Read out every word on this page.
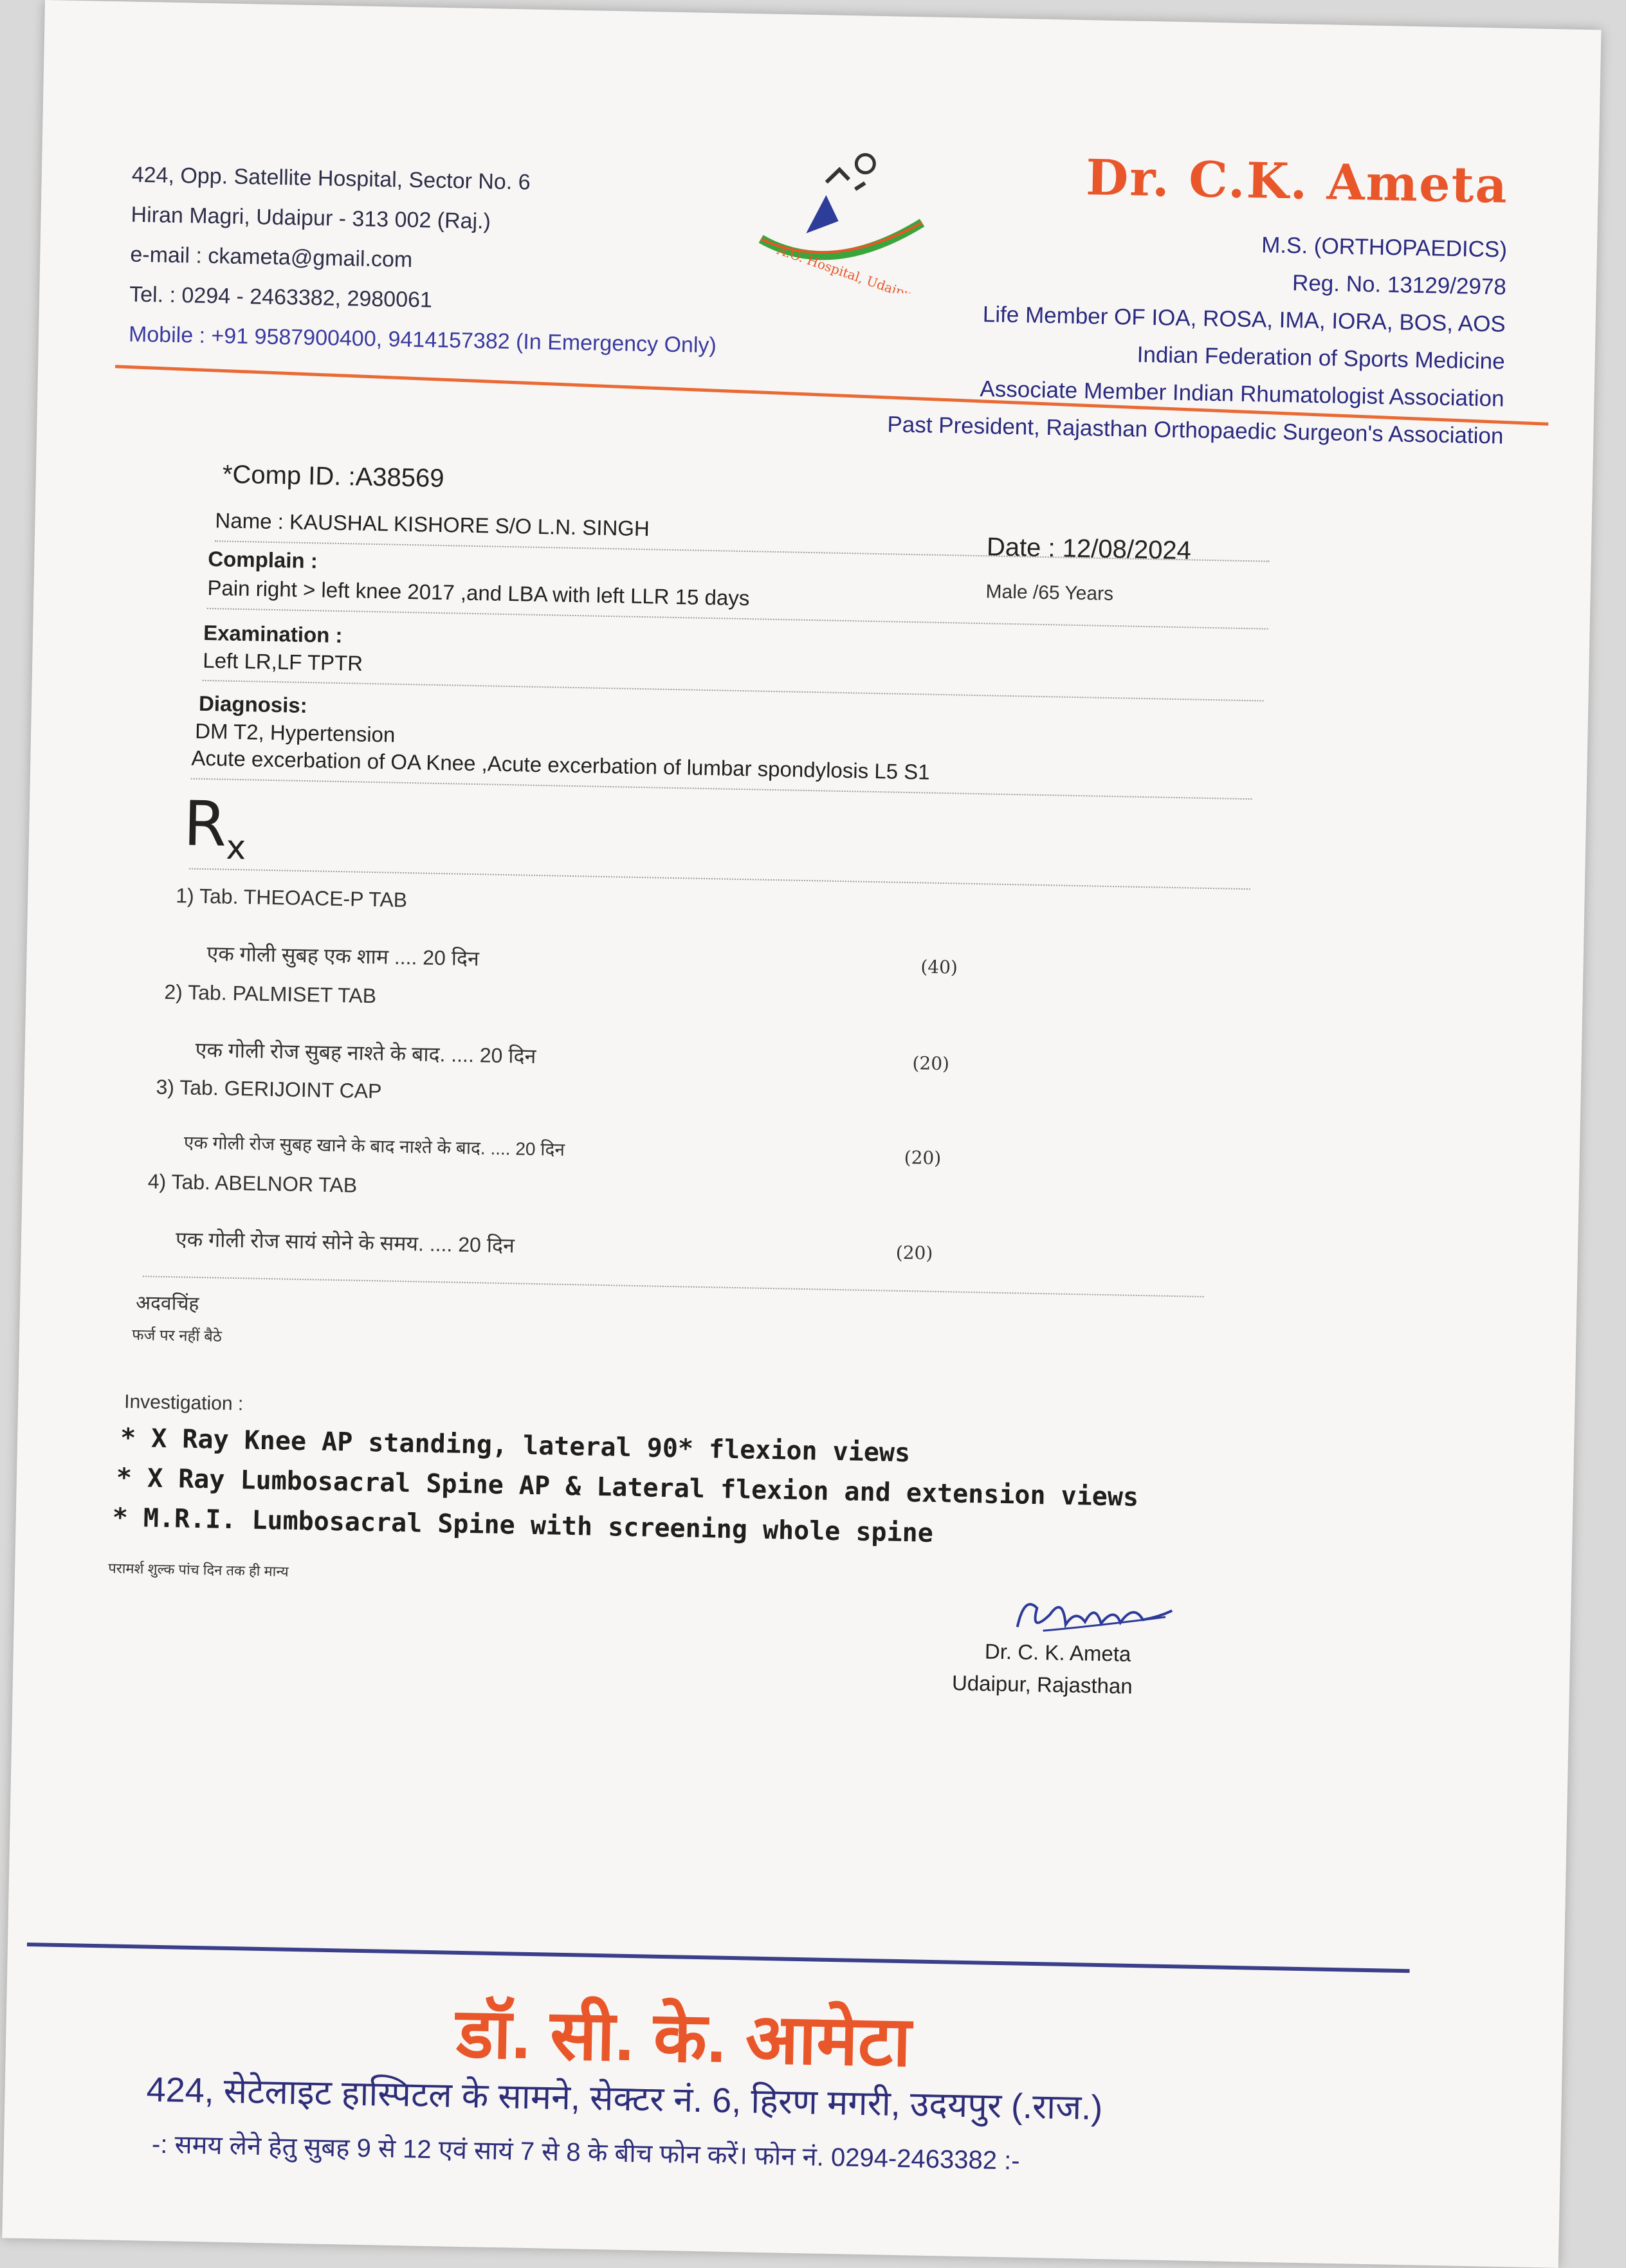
424, Opp. Satellite Hospital, Sector No. 6
Hiran Magri, Udaipur - 313 002 (Raj.)
e-mail : ckameta@gmail.com
Tel. : 0294 - 2463382, 2980061
Mobile : +91 9587900400, 9414157382 (In Emergency Only)
A.O. Hospital, Udaipur
Dr. C.K. Ameta
M.S. (ORTHOPAEDICS)
Reg. No. 13129/2978
Life Member OF IOA, ROSA, IMA, IORA, BOS, AOS
Indian Federation of Sports Medicine
Associate Member Indian Rhumatologist Association
Past President, Rajasthan Orthopaedic Surgeon's Association
*Comp ID. :A38569
Name : KAUSHAL KISHORE S/O L.N. SINGH
Date : 12/08/2024
Complain :
Male /65 Years
Pain right > left knee 2017 ,and LBA with left LLR 15 days
Examination :
Left LR,LF TPTR
Diagnosis:
DM T2, Hypertension
Acute excerbation of OA Knee ,Acute excerbation of lumbar spondylosis L5 S1
$R_x$
1) Tab. THEOACE-P TAB
एक गोली सुबह एक शाम .... 20 दिन	(40)
2) Tab. PALMISET TAB
एक गोली रोज सुबह नाश्ते के बाद. .... 20 दिन	(20)
3) Tab. GERIJOINT CAP
एक गोली रोज सुबह खाने के बाद नाश्ते के बाद. .... 20 दिन	(20)
4) Tab. ABELNOR TAB
एक गोली रोज सायं सोने के समय. .... 20 दिन	(20)
अदवचिंह
फर्ज पर नहीं बैठे
Investigation :
* X Ray Knee AP standing, lateral 90* flexion views
* X Ray Lumbosacral Spine AP & Lateral flexion and extension views
* M.R.I. Lumbosacral Spine with screening whole spine
परामर्श शुल्क पांच दिन तक ही मान्य
Dr. C. K. Ameta
Udaipur, Rajasthan
डॉ. सी. के. आमेटा
424, सेटेलाइट हास्पिटल के सामने, सेक्टर नं. 6, हिरण मगरी, उदयपुर (.राज.)
-: समय लेने हेतु सुबह 9 से 12 एवं सायं 7 से 8 के बीच फोन करें। फोन नं. 0294-2463382 :-
